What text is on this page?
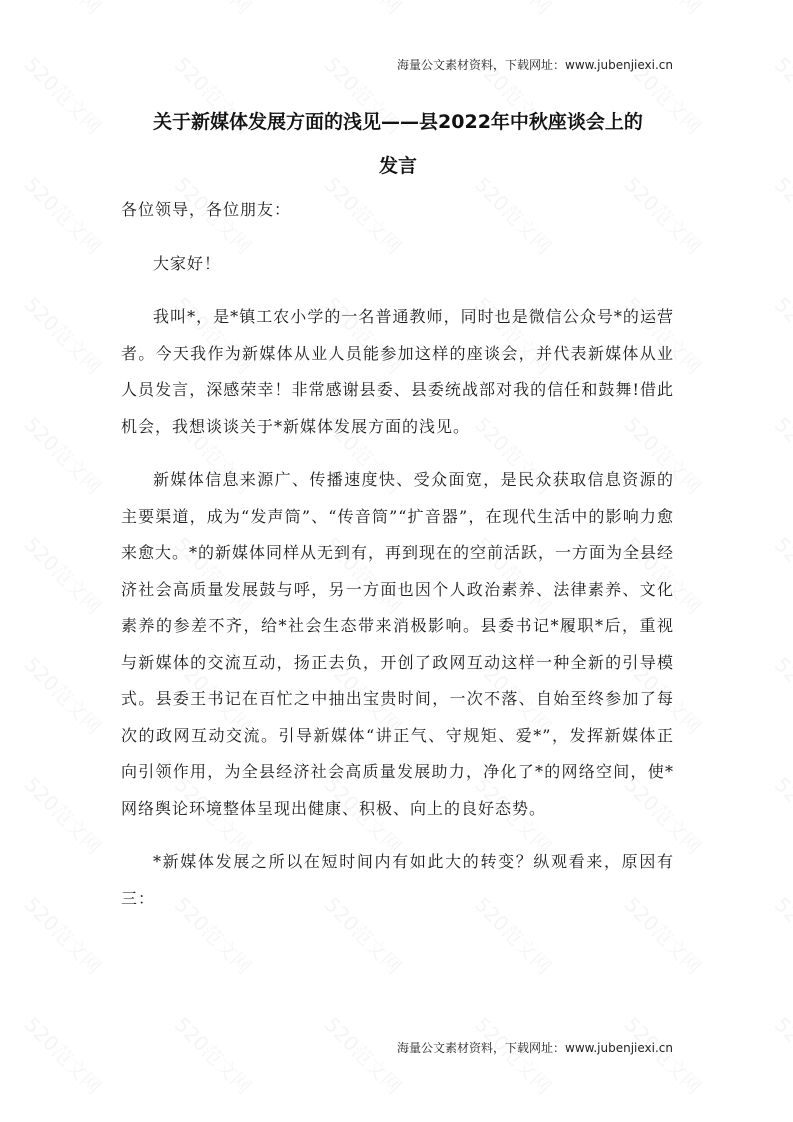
海量公文素材资料，下载网址：www.jubenjiexi.cn
关于新媒体发展方面的浅见——县2022年中秋座谈会上的
发言

各位领导，各位朋友：

大家好！

我叫*，是*镇工农小学的一名普通教师，同时也是微信公众号*的运营者。今天我作为新媒体从业人员能参加这样的座谈会，并代表新媒体从业人员发言，深感荣幸！非常感谢县委、县委统战部对我的信任和鼓舞!借此机会，我想谈谈关于*新媒体发展方面的浅见。

新媒体信息来源广、传播速度快、受众面宽，是民众获取信息资源的主要渠道，成为“发声筒”、“传音筒”“扩音器”，在现代生活中的影响力愈来愈大。*的新媒体同样从无到有，再到现在的空前活跃，一方面为全县经济社会高质量发展鼓与呼，另一方面也因个人政治素养、法律素养、文化素养的参差不齐，给*社会生态带来消极影响。县委书记*履职*后，重视与新媒体的交流互动，扬正去负，开创了政网互动这样一种全新的引导模式。县委王书记在百忙之中抽出宝贵时间，一次不落、自始至终参加了每次的政网互动交流。引导新媒体“讲正气、守规矩、爱*”，发挥新媒体正向引领作用，为全县经济社会高质量发展助力，净化了*的网络空间，使*网络舆论环境整体呈现出健康、积极、向上的良好态势。

*新媒体发展之所以在短时间内有如此大的转变？纵观看来，原因有三：

海量公文素材资料，下载网址：www.jubenjiexi.cn
